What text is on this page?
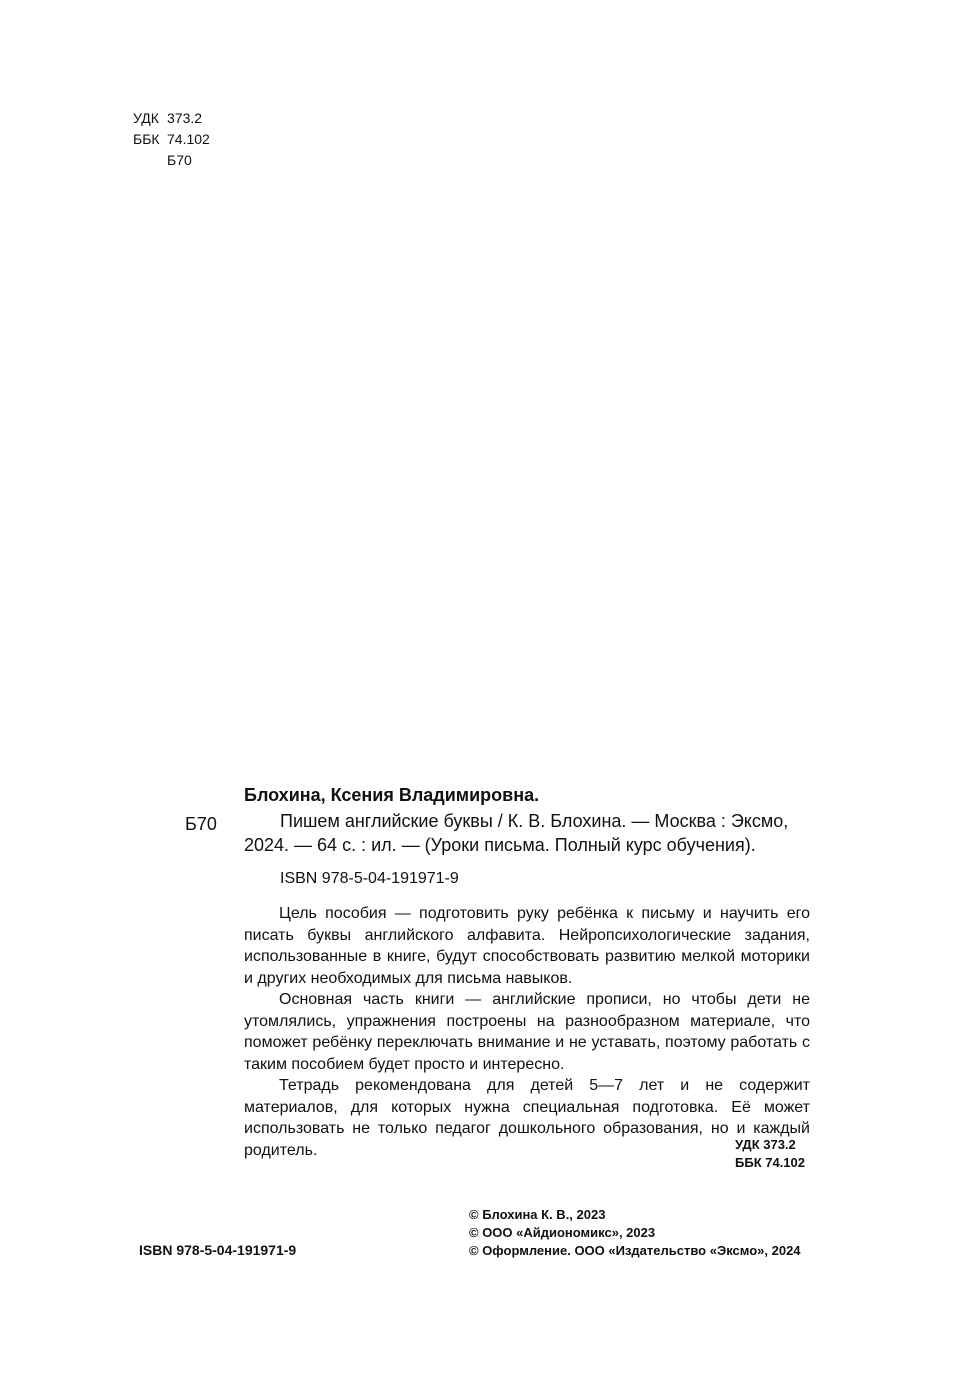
УДК 373.2
ББК 74.102
Б70
Блохина, Ксения Владимировна.
Б70	Пишем английские буквы / К. В. Блохина. — Москва : Эксмо,
2024. — 64 с. : ил. — (Уроки письма. Полный курс обучения).
ISBN 978-5-04-191971-9

Цель пособия — подготовить руку ребёнка к письму и научить его писать буквы английского алфавита. Нейропсихологические задания, использованные в книге, будут способствовать развитию мелкой моторики и других необходимых для письма навыков.

Основная часть книги — английские прописи, но чтобы дети не утомлялись, упражнения построены на разнообразном материале, что поможет ребёнку переключать внимание и не уставать, поэтому работать с таким пособием будет просто и интересно.

Тетрадь рекомендована для детей 5—7 лет и не содержит материалов, для которых нужна специальная подготовка. Её может использовать не только педагог дошкольного образования, но и каждый родитель.	УДК 373.2
ББК 74.102
ISBN 978-5-04-191971-9
© Блохина К. В., 2023
© ООО «Айдиономикс», 2023
© Оформление. ООО «Издательство «Эксмо», 2024
